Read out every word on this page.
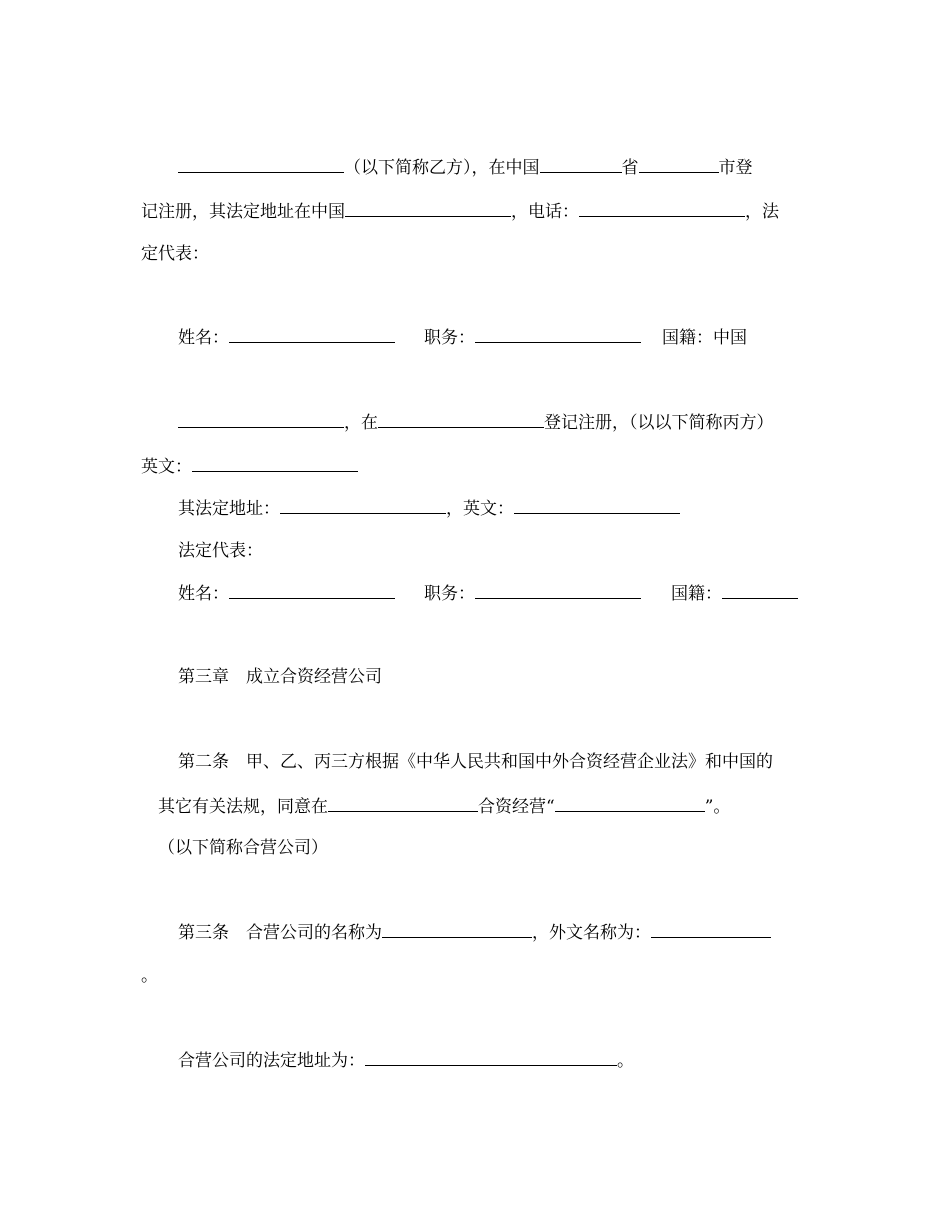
（以下简称乙方），在中国	省	市登
记注册，其法定地址在中国	，电话：	，法
定代表：
姓名：	职务：	国籍：中国
，在	登记注册，（以以下简称丙方）
英文：
其法定地址：	，英文：
法定代表：
姓名：	职务：	国籍：
第三章　成立合资经营公司
第二条　甲、乙、丙三方根据《中华人民共和国中外合资经营企业法》和中国的
其它有关法规，同意在	合资经营“	”。
（以下简称合营公司）
第三条　合营公司的名称为	，外文名称为：
。
合营公司的法定地址为：	。
